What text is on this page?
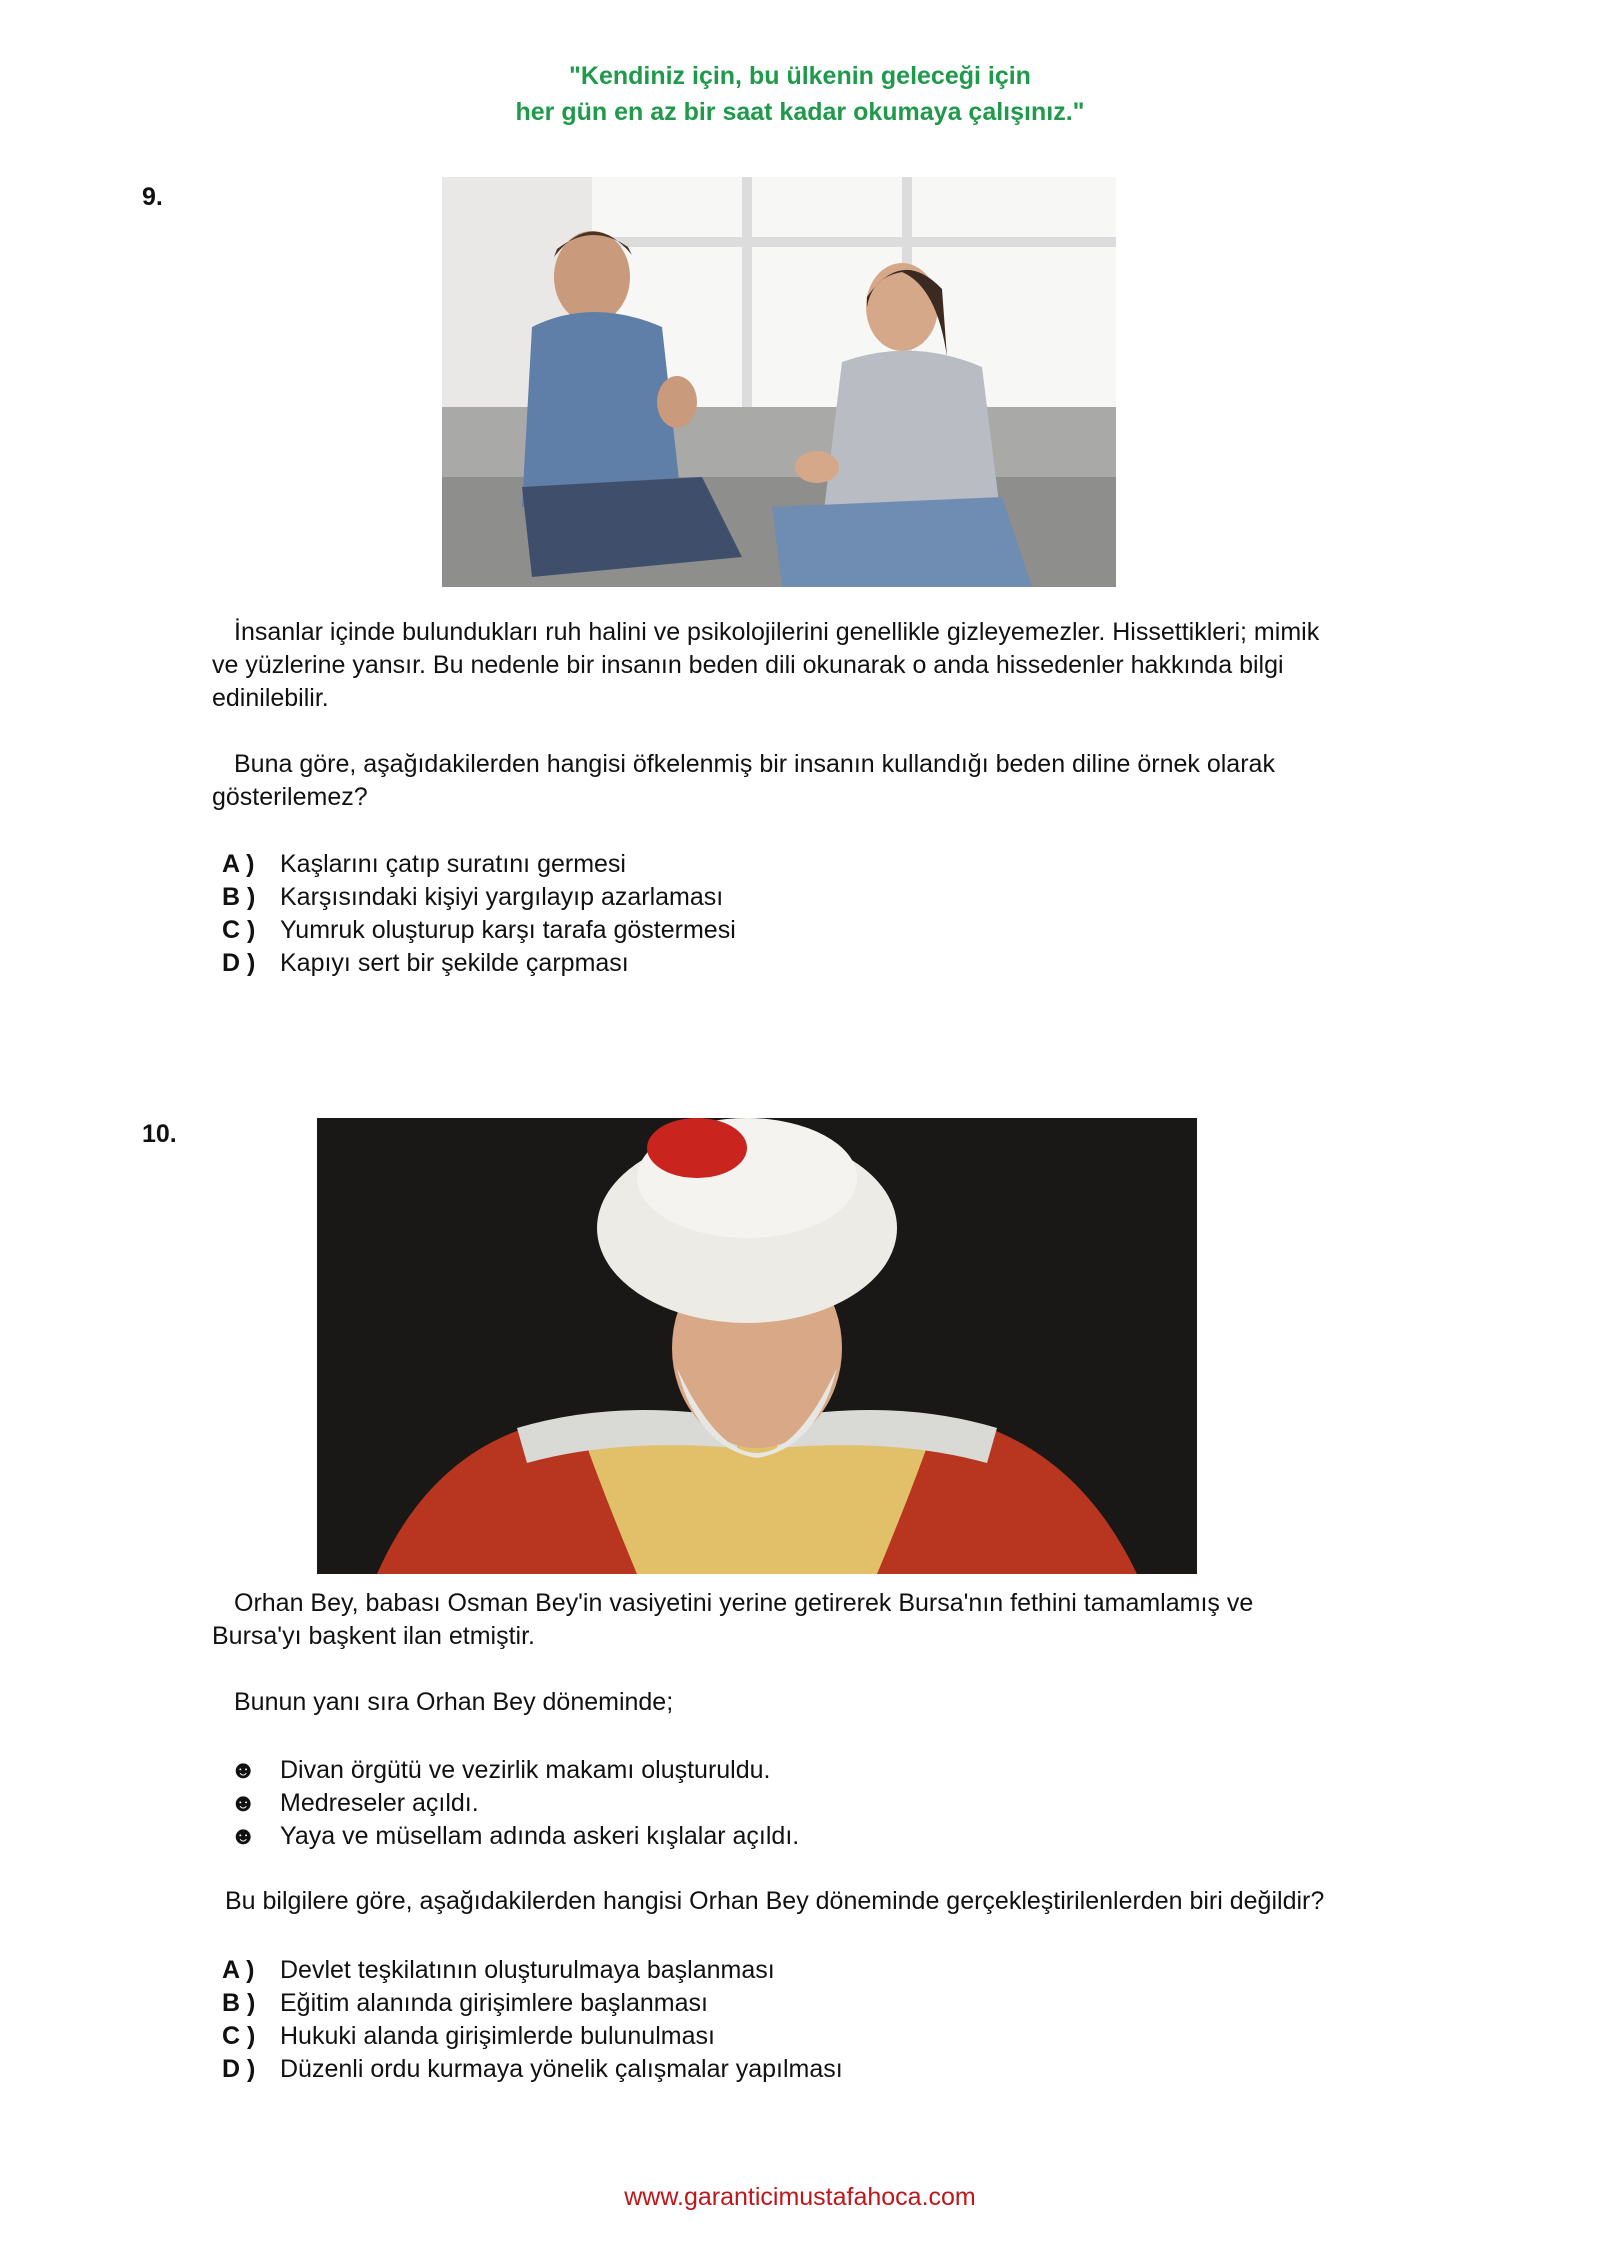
"Kendiniz için, bu ülkenin geleceği için
her gün en az bir saat kadar okumaya çalışınız."
9.
İnsanlar içinde bulundukları ruh halini ve psikolojilerini genellikle gizleyemezler. Hissettikleri; mimik
ve yüzlerine yansır. Bu nedenle bir insanın beden dili okunarak o anda hissedenler hakkında bilgi
edinilebilir.
Buna göre, aşağıdakilerden hangisi öfkelenmiş bir insanın kullandığı beden diline örnek olarak
gösterilemez?
A ) Kaşlarını çatıp suratını germesi
B ) Karşısındaki kişiyi yargılayıp azarlaması
C ) Yumruk oluşturup karşı tarafa göstermesi
D ) Kapıyı sert bir şekilde çarpması
10.
Orhan Bey, babası Osman Bey'in vasiyetini yerine getirerek Bursa'nın fethini tamamlamış ve
Bursa'yı başkent ilan etmiştir.
Bunun yanı sıra Orhan Bey döneminde;
☻ Divan örgütü ve vezirlik makamı oluşturuldu.
☻ Medreseler açıldı.
☻ Yaya ve müsellam adında askeri kışlalar açıldı.
Bu bilgilere göre, aşağıdakilerden hangisi Orhan Bey döneminde gerçekleştirilenlerden biri değildir?
A ) Devlet teşkilatının oluşturulmaya başlanması
B ) Eğitim alanında girişimlere başlanması
C ) Hukuki alanda girişimlerde bulunulması
D ) Düzenli ordu kurmaya yönelik çalışmalar yapılması
www.garanticimustafahoca.com
